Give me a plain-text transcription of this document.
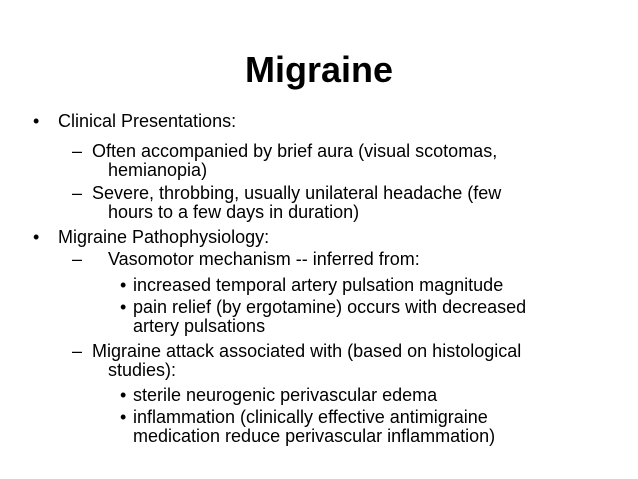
Migraine
• Clinical Presentations:
– Often accompanied by brief aura (visual scotomas,
hemianopia)
– Severe, throbbing, usually unilateral headache (few
hours to a few days in duration)
• Migraine Pathophysiology:
– Vasomotor mechanism -- inferred from:
• increased temporal artery pulsation magnitude
• pain relief (by ergotamine) occurs with decreased
artery pulsations
– Migraine attack associated with (based on histological
studies):
• sterile neurogenic perivascular edema
• inflammation (clinically effective antimigraine
medication reduce perivascular inflammation)
